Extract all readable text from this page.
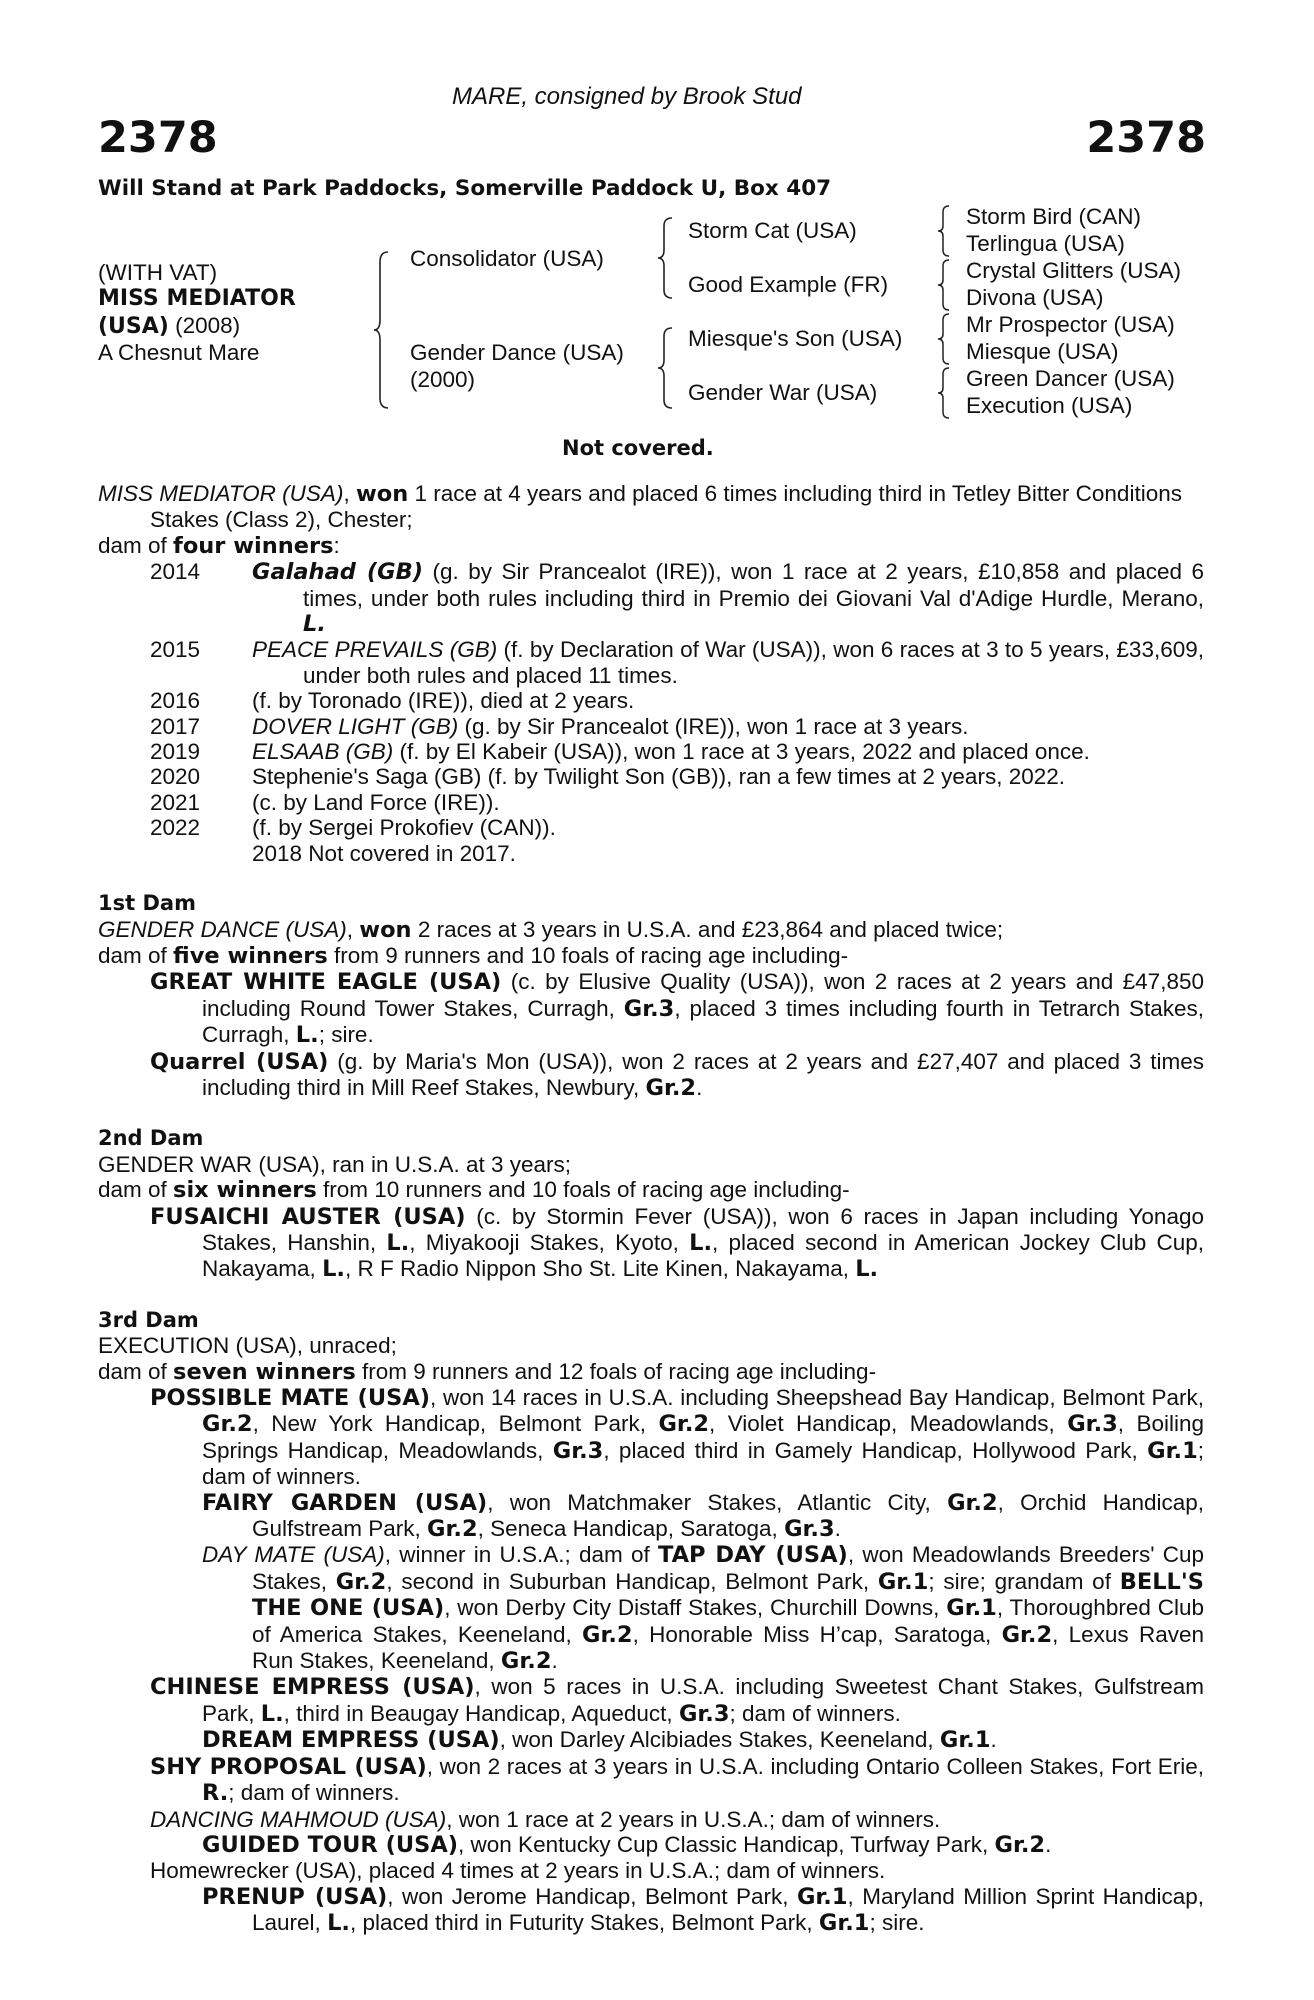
MARE, consigned by Brook Stud
2378	2378
Will Stand at Park Paddocks, Somerville Paddock U, Box 407
(WITH VAT)
MISS MEDIATOR
(USA) (2008)
A Chesnut Mare
Consolidator (USA)
Gender Dance (USA)
(2000)
Storm Cat (USA)
Good Example (FR)
Miesque's Son (USA)
Gender War (USA)
Storm Bird (CAN)
Terlingua (USA)
Crystal Glitters (USA)
Divona (USA)
Mr Prospector (USA)
Miesque (USA)
Green Dancer (USA)
Execution (USA)
Not covered.
MISS MEDIATOR (USA), won 1 race at 4 years and placed 6 times including third in Tetley Bitter Conditions Stakes (Class 2), Chester;
dam of four winners:
2014	Galahad (GB) (g. by Sir Prancealot (IRE)), won 1 race at 2 years, £10,858 and placed 6 times, under both rules including third in Premio dei Giovani Val d'Adige Hurdle, Merano, L.
2015	PEACE PREVAILS (GB) (f. by Declaration of War (USA)), won 6 races at 3 to 5 years, £33,609, under both rules and placed 11 times.
2016	(f. by Toronado (IRE)), died at 2 years.
2017	DOVER LIGHT (GB) (g. by Sir Prancealot (IRE)), won 1 race at 3 years.
2019	ELSAAB (GB) (f. by El Kabeir (USA)), won 1 race at 3 years, 2022 and placed once.
2020	Stephenie's Saga (GB) (f. by Twilight Son (GB)), ran a few times at 2 years, 2022.
2021	(c. by Land Force (IRE)).
2022	(f. by Sergei Prokofiev (CAN)).
2018 Not covered in 2017.
1st Dam
GENDER DANCE (USA), won 2 races at 3 years in U.S.A. and £23,864 and placed twice;
dam of five winners from 9 runners and 10 foals of racing age including-
GREAT WHITE EAGLE (USA) (c. by Elusive Quality (USA)), won 2 races at 2 years and £47,850 including Round Tower Stakes, Curragh, Gr.3, placed 3 times including fourth in Tetrarch Stakes, Curragh, L.; sire.
Quarrel (USA) (g. by Maria's Mon (USA)), won 2 races at 2 years and £27,407 and placed 3 times including third in Mill Reef Stakes, Newbury, Gr.2.
2nd Dam
GENDER WAR (USA), ran in U.S.A. at 3 years;
dam of six winners from 10 runners and 10 foals of racing age including-
FUSAICHI AUSTER (USA) (c. by Stormin Fever (USA)), won 6 races in Japan including Yonago Stakes, Hanshin, L., Miyakooji Stakes, Kyoto, L., placed second in American Jockey Club Cup, Nakayama, L., R F Radio Nippon Sho St. Lite Kinen, Nakayama, L.
3rd Dam
EXECUTION (USA), unraced;
dam of seven winners from 9 runners and 12 foals of racing age including-
POSSIBLE MATE (USA), won 14 races in U.S.A. including Sheepshead Bay Handicap, Belmont Park, Gr.2, New York Handicap, Belmont Park, Gr.2, Violet Handicap, Meadowlands, Gr.3, Boiling Springs Handicap, Meadowlands, Gr.3, placed third in Gamely Handicap, Hollywood Park, Gr.1; dam of winners.
FAIRY GARDEN (USA), won Matchmaker Stakes, Atlantic City, Gr.2, Orchid Handicap, Gulfstream Park, Gr.2, Seneca Handicap, Saratoga, Gr.3.
DAY MATE (USA), winner in U.S.A.; dam of TAP DAY (USA), won Meadowlands Breeders' Cup Stakes, Gr.2, second in Suburban Handicap, Belmont Park, Gr.1; sire; grandam of BELL'S THE ONE (USA), won Derby City Distaff Stakes, Churchill Downs, Gr.1, Thoroughbred Club of America Stakes, Keeneland, Gr.2, Honorable Miss H’cap, Saratoga, Gr.2, Lexus Raven Run Stakes, Keeneland, Gr.2.
CHINESE EMPRESS (USA), won 5 races in U.S.A. including Sweetest Chant Stakes, Gulfstream Park, L., third in Beaugay Handicap, Aqueduct, Gr.3; dam of winners.
DREAM EMPRESS (USA), won Darley Alcibiades Stakes, Keeneland, Gr.1.
SHY PROPOSAL (USA), won 2 races at 3 years in U.S.A. including Ontario Colleen Stakes, Fort Erie, R.; dam of winners.
DANCING MAHMOUD (USA), won 1 race at 2 years in U.S.A.; dam of winners.
GUIDED TOUR (USA), won Kentucky Cup Classic Handicap, Turfway Park, Gr.2.
Homewrecker (USA), placed 4 times at 2 years in U.S.A.; dam of winners.
PRENUP (USA), won Jerome Handicap, Belmont Park, Gr.1, Maryland Million Sprint Handicap, Laurel, L., placed third in Futurity Stakes, Belmont Park, Gr.1; sire.
